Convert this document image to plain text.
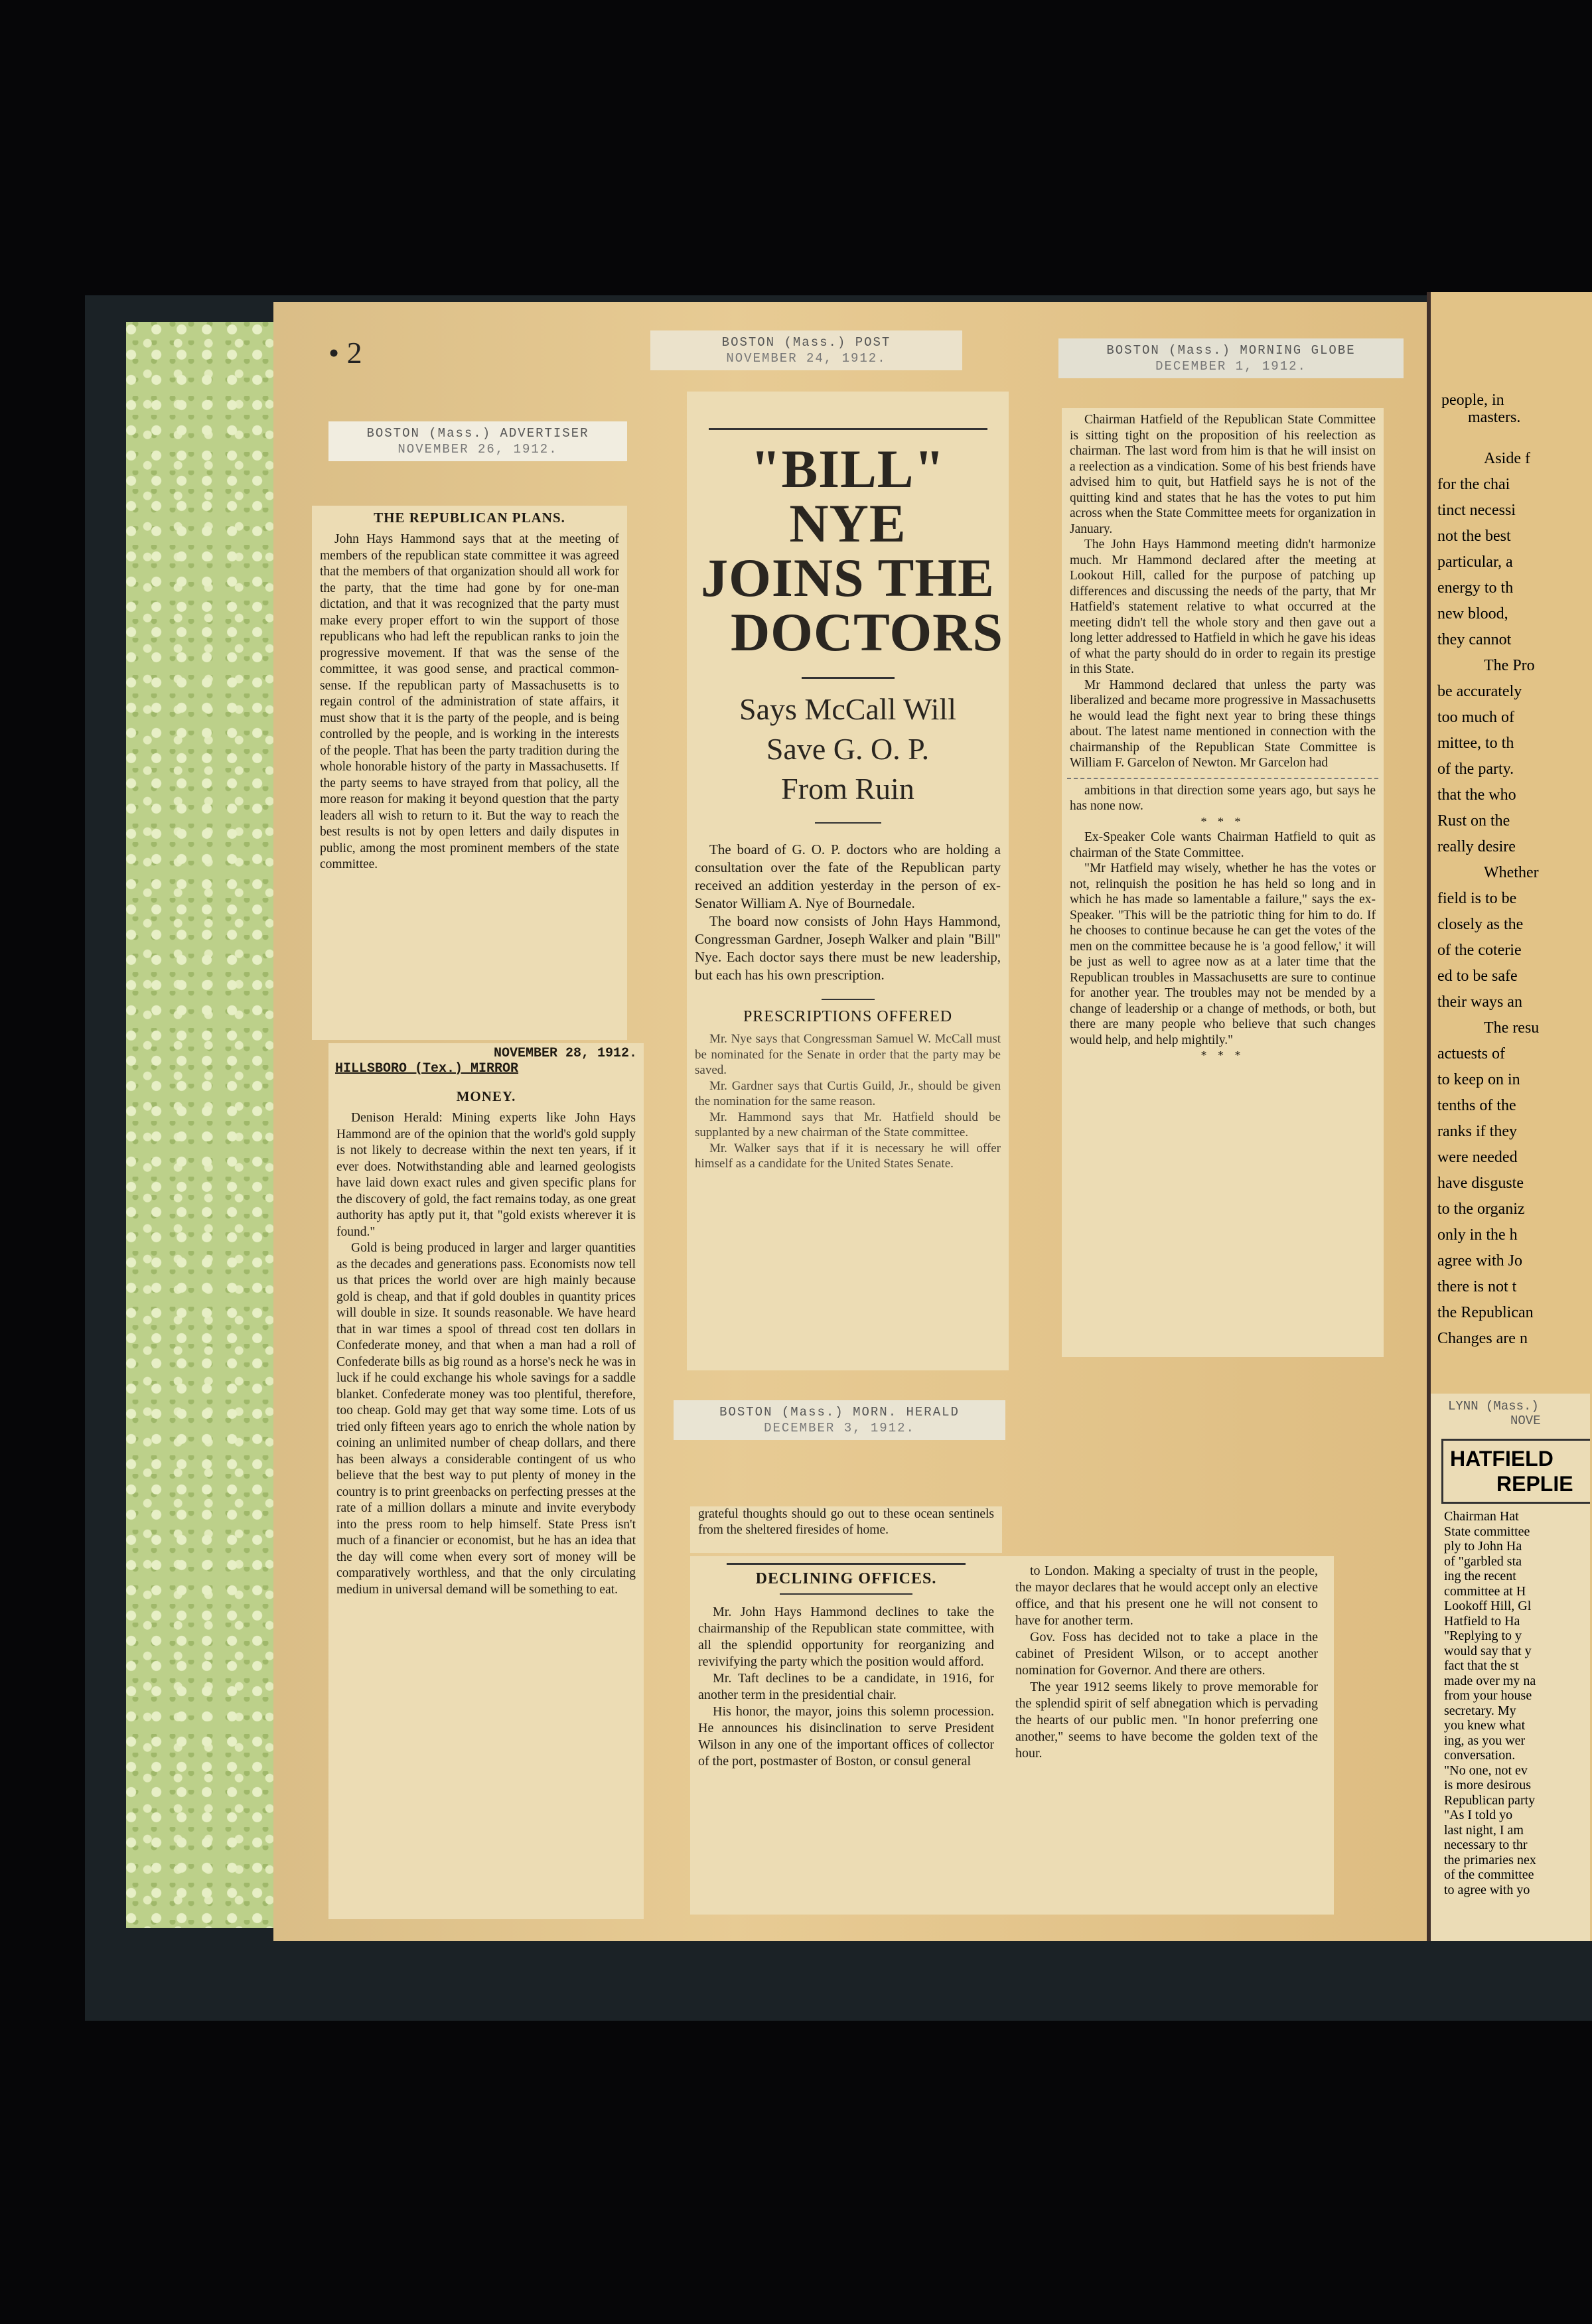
• 2
BOSTON (Mass.) ADVERTISER
NOVEMBER 26, 1912.
THE REPUBLICAN PLANS.

John Hays Hammond says that at the meeting of members of the republican state committee it was agreed that the members of that organization should all work for the party, that the time had gone by for one-man dictation, and that it was recognized that the party must make every proper effort to win the support of those republicans who had left the republican ranks to join the progressive movement. If that was the sense of the committee, it was good sense, and practical common-sense. If the republican party of Massachusetts is to regain control of the administration of state affairs, it must show that it is the party of the people, and is being controlled by the people, and is working in the interests of the people. That has been the party tradition during the whole honorable history of the party in Massachusetts. If the party seems to have strayed from that policy, all the more reason for making it beyond question that the party leaders all wish to return to it. But the way to reach the best results is not by open letters and daily disputes in public, among the most prominent members of the state committee.

NOVEMBER 28, 1912.
HILLSBORO (Tex.) MIRROR
MONEY.

Denison Herald: Mining experts like John Hays Hammond are of the opinion that the world's gold supply is not likely to decrease within the next ten years, if it ever does. Notwithstanding able and learned geologists have laid down exact rules and given specific plans for the discovery of gold, the fact remains today, as one great authority has aptly put it, that "gold exists wherever it is found."

Gold is being produced in larger and larger quantities as the decades and generations pass. Economists now tell us that prices the world over are high mainly because gold is cheap, and that if gold doubles in quantity prices will double in size. It sounds reasonable. We have heard that in war times a spool of thread cost ten dollars in Confederate money, and that when a man had a roll of Confederate bills as big round as a horse's neck he was in luck if he could exchange his whole savings for a saddle blanket. Confederate money was too plentiful, therefore, too cheap. Gold may get that way some time. Lots of us tried only fifteen years ago to enrich the whole nation by coining an unlimited number of cheap dollars, and there has been always a considerable contingent of us who believe that the best way to put plenty of money in the country is to print greenbacks on perfecting presses at the rate of a million dollars a minute and invite everybody into the press room to help himself. State Press isn't much of a financier or economist, but he has an idea that the day will come when every sort of money will be comparatively worthless, and that the only circulating medium in universal demand will be something to eat.

BOSTON (Mass.) POST
NOVEMBER 24, 1912.
"BILL" NYE
JOINS THE
DOCTORS
Says McCall Will
Save G. O. P.
From Ruin

The board of G. O. P. doctors who are holding a consultation over the fate of the Republican party received an addition yesterday in the person of ex-Senator William A. Nye of Bournedale.

The board now consists of John Hays Hammond, Congressman Gardner, Joseph Walker and plain "Bill" Nye. Each doctor says there must be new leadership, but each has his own prescription.

PRESCRIPTIONS OFFERED

Mr. Nye says that Congressman Samuel W. McCall must be nominated for the Senate in order that the party may be saved.

Mr. Gardner says that Curtis Guild, Jr., should be given the nomination for the same reason.

Mr. Hammond says that Mr. Hatfield should be supplanted by a new chairman of the State committee.

Mr. Walker says that if it is necessary he will offer himself as a candidate for the United States Senate.

BOSTON (Mass.) MORNING GLOBE
DECEMBER 1, 1912.

Chairman Hatfield of the Republican State Committee is sitting tight on the proposition of his reelection as chairman. The last word from him is that he will insist on a reelection as a vindication. Some of his best friends have advised him to quit, but Hatfield says he is not of the quitting kind and states that he has the votes to put him across when the State Committee meets for organization in January.

The John Hays Hammond meeting didn't harmonize much. Mr Hammond declared after the meeting at Lookout Hill, called for the purpose of patching up differences and discussing the needs of the party, that Mr Hatfield's statement relative to what occurred at the meeting didn't tell the whole story and then gave out a long letter addressed to Hatfield in which he gave his ideas of what the party should do in order to regain its prestige in this State.

Mr Hammond declared that unless the party was liberalized and became more progressive in Massachusetts he would lead the fight next year to bring these things about. The latest name mentioned in connection with the chairmanship of the Republican State Committee is William F. Garcelon of Newton. Mr Garcelon had

ambitions in that direction some years ago, but says he has none now.

* * *

Ex-Speaker Cole wants Chairman Hatfield to quit as chairman of the State Committee.

"Mr Hatfield may wisely, whether he has the votes or not, relinquish the position he has held so long and in which he has made so lamentable a failure," says the ex-Speaker. "This will be the patriotic thing for him to do. If he chooses to continue because he can get the votes of the men on the committee because he is 'a good fellow,' it will be just as well to agree now as at a later time that the Republican troubles in Massachusetts are sure to continue for another year. The troubles may not be mended by a change of leadership or a change of methods, or both, but there are many people who believe that such changes would help, and help mightily."

* * *
BOSTON (Mass.) MORN. HERALD
DECEMBER 3, 1912.
grateful thoughts should go out to these ocean sentinels from the sheltered firesides of home.
DECLINING OFFICES.

Mr. John Hays Hammond declines to take the chairmanship of the Republican state committee, with all the splendid opportunity for reorganizing and revivifying the party which the position would afford.

Mr. Taft declines to be a candidate, in 1916, for another term in the presidential chair.

His honor, the mayor, joins this solemn procession. He announces his disinclination to serve President Wilson in any one of the important offices of collector of the port, postmaster of Boston, or consul general

to London. Making a specialty of trust in the people, the mayor declares that he would accept only an elective office, and that his present one he will not consent to have for another term.

Gov. Foss has decided not to take a place in the cabinet of President Wilson, or to accept another nomination for Governor. And there are others.

The year 1912 seems likely to prove memorable for the splendid spirit of self abnegation which is pervading the hearts of our public men. "In honor preferring one another," seems to have become the golden text of the hour.

people, in
masters.
Aside f
for the chai
tinct necessi
not the best
particular, a
energy to th
new blood,
they cannot
The Pro
be accurately
too much of
mittee, to th
of the party.
that the who
Rust on the
really desire
Whether
field is to be
closely as the
of the coterie
ed to be safe
their ways an
The resu
actuests of
to keep on in
tenths of the
ranks if they
were needed
have disguste
to the organiz
only in the h
agree with Jo
there is not t
the Republican
Changes are n
LYNN (Mass.)
NOVE
HATFIELD
REPLIE
Chairman Hat
State committee
ply to John Ha
of "garbled sta
ing the recent
committee at H
Lookoff Hill, Gl
Hatfield to Ha
"Replying to y
would say that y
fact that the st
made over my na
from your house
secretary. My
you knew what
ing, as you wer
conversation.
"No one, not ev
is more desirous
Republican party
"As I told yo
last night, I am
necessary to thr
the primaries nex
of the committee
to agree with yo
